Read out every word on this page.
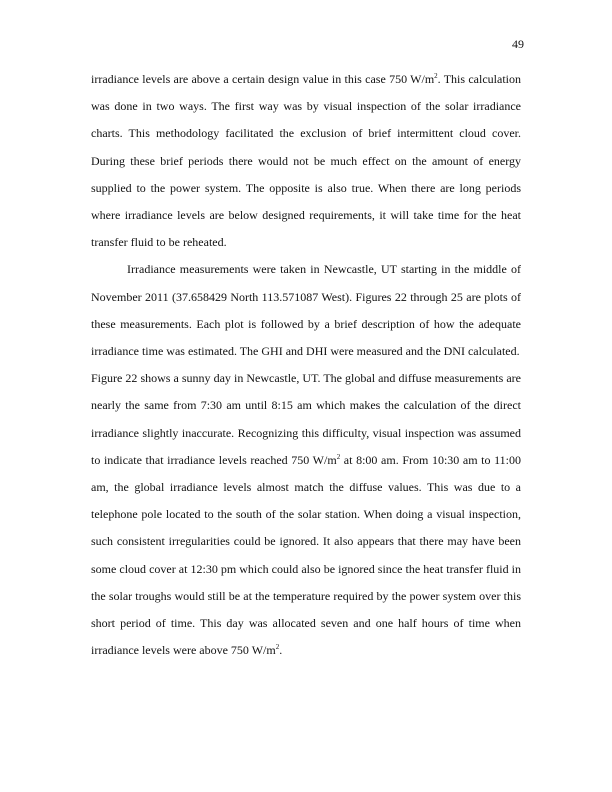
49

irradiance levels are above a certain design value in this case 750 $W/m^2$. This calculation was done in two ways. The first way was by visual inspection of the solar irradiance charts. This methodology facilitated the exclusion of brief intermittent cloud cover. During these brief periods there would not be much effect on the amount of energy supplied to the power system. The opposite is also true. When there are long periods where irradiance levels are below designed requirements, it will take time for the heat transfer fluid to be reheated.

Irradiance measurements were taken in Newcastle, UT starting in the middle of November 2011 (37.658429 North 113.571087 West). Figures 22 through 25 are plots of these measurements. Each plot is followed by a brief description of how the adequate irradiance time was estimated. The GHI and DHI were measured and the DNI calculated.

Figure 22 shows a sunny day in Newcastle, UT. The global and diffuse measurements are nearly the same from 7:30 am until 8:15 am which makes the calculation of the direct irradiance slightly inaccurate. Recognizing this difficulty, visual inspection was assumed to indicate that irradiance levels reached 750 $W/m^2$ at 8:00 am. From 10:30 am to 11:00 am, the global irradiance levels almost match the diffuse values. This was due to a telephone pole located to the south of the solar station. When doing a visual inspection, such consistent irregularities could be ignored. It also appears that there may have been some cloud cover at 12:30 pm which could also be ignored since the heat transfer fluid in the solar troughs would still be at the temperature required by the power system over this short period of time. This day was allocated seven and one half hours of time when irradiance levels were above 750 $W/m^2$.
